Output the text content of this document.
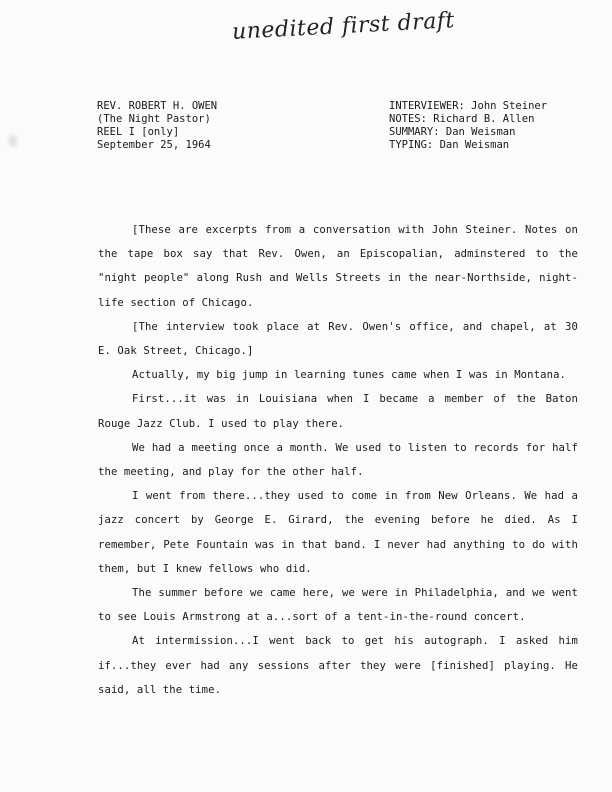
unedited first draft
REV. ROBERT H. OWEN
(The Night Pastor)
REEL I [only]
September 25, 1964
INTERVIEWER: John Steiner
NOTES: Richard B. Allen
SUMMARY: Dan Weisman
TYPING: Dan Weisman

[These are excerpts from a conversation with John Steiner. Notes on the tape box say that Rev. Owen, an Episcopalian, adminstered to the "night people" along Rush and Wells Streets in the near-Northside, night-life section of Chicago.

[The interview took place at Rev. Owen's office, and chapel, at 30 E. Oak Street, Chicago.]

Actually, my big jump in learning tunes came when I was in Montana.

First...it was in Louisiana when I became a member of the Baton Rouge Jazz Club. I used to play there.

We had a meeting once a month. We used to listen to records for half the meeting, and play for the other half.

I went from there...they used to come in from New Orleans. We had a jazz concert by George E. Girard, the evening before he died. As I remember, Pete Fountain was in that band. I never had anything to do with them, but I knew fellows who did.

The summer before we came here, we were in Philadelphia, and we went to see Louis Armstrong at a...sort of a tent-in-the-round concert.

At intermission...I went back to get his autograph. I asked him if...they ever had any sessions after they were [finished] playing. He said, all the time.
